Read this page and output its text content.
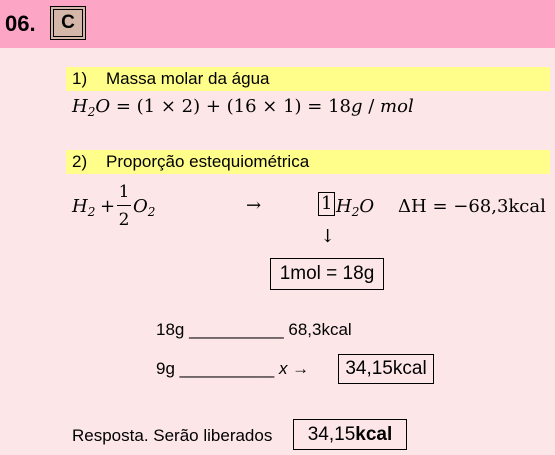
06.	C
1) Massa molar da água
$H_2O = (1 \times 2) + (16 \times 1) = 18g$ / mol
2) Proporção estequiométrica
$H_2$ +
1
2
$O_2$	→	1 $H_2O$ ΔH = −68,3kcal
↓
1mol = 18g
18g __________ 68,3kcal
9g __________ x →	34,15kcal
Resposta. Serão liberados	34,15kcal
